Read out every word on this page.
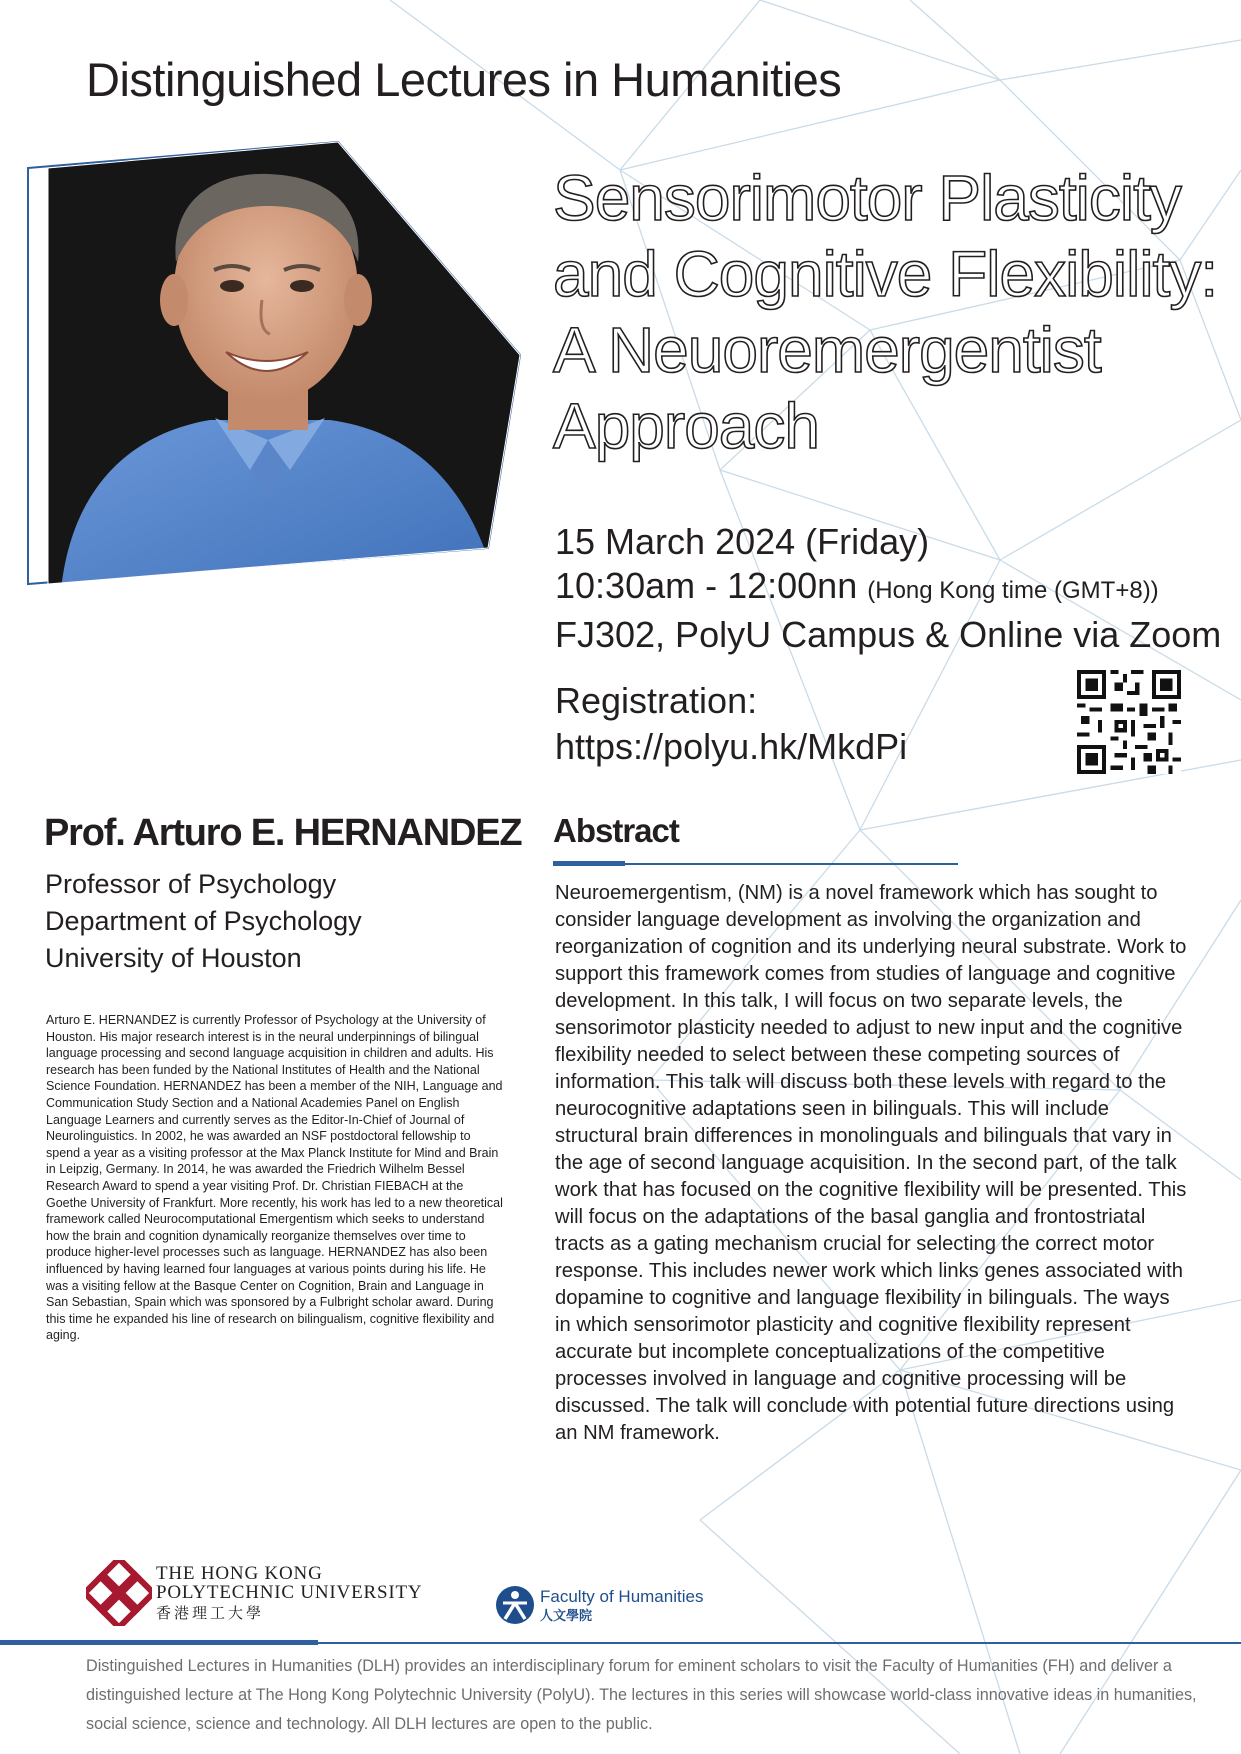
Distinguished Lectures in Humanities
Sensorimotor Plasticity
and Cognitive Flexibility:
A Neuoremergentist
Approach
15 March 2024 (Friday)
10:30am - 12:00nn (Hong Kong time (GMT+8))
FJ302, PolyU Campus & Online via Zoom
Registration:
https://polyu.hk/MkdPi
Prof. Arturo E. HERNANDEZ
Professor of Psychology
Department of Psychology
University of Houston
Arturo E. HERNANDEZ is currently Professor of Psychology at the University of Houston. His major research interest is in the neural underpinnings of bilingual language processing and second language acquisition in children and adults. His research has been funded by the National Institutes of Health and the National Science Foundation. HERNANDEZ has been a member of the NIH, Language and Communication Study Section and a National Academies Panel on English Language Learners and currently serves as the Editor-In-Chief of Journal of Neurolinguistics. In 2002, he was awarded an NSF postdoctoral fellowship to spend a year as a visiting professor at the Max Planck Institute for Mind and Brain in Leipzig, Germany. In 2014, he was awarded the Friedrich Wilhelm Bessel Research Award to spend a year visiting Prof. Dr. Christian FIEBACH at the Goethe University of Frankfurt. More recently, his work has led to a new theoretical framework called Neurocomputational Emergentism which seeks to understand how the brain and cognition dynamically reorganize themselves over time to produce higher-level processes such as language. HERNANDEZ has also been influenced by having learned four languages at various points during his life. He was a visiting fellow at the Basque Center on Cognition, Brain and Language in San Sebastian, Spain which was sponsored by a Fulbright scholar award. During this time he expanded his line of research on bilingualism, cognitive flexibility and aging.
Abstract
Neuroemergentism, (NM) is a novel framework which has sought to consider language development as involving the organization and reorganization of cognition and its underlying neural substrate. Work to support this framework comes from studies of language and cognitive development. In this talk, I will focus on two separate levels, the sensorimotor plasticity needed to adjust to new input and the cognitive flexibility needed to select between these competing sources of information. This talk will discuss both these levels with regard to the neurocognitive adaptations seen in bilinguals. This will include structural brain differences in monolinguals and bilinguals that vary in the age of second language acquisition. In the second part, of the talk work that has focused on the cognitive flexibility will be presented. This will focus on the adaptations of the basal ganglia and frontostriatal tracts as a gating mechanism crucial for selecting the correct motor response. This includes newer work which links genes associated with dopamine to cognitive and language flexibility in bilinguals. The ways in which sensorimotor plasticity and cognitive flexibility represent accurate but incomplete conceptualizations of the competitive processes involved in language and cognitive processing will be discussed. The talk will conclude with potential future directions using an NM framework.
THE HONG KONG
POLYTECHNIC UNIVERSITY
香港理工大學
Faculty of Humanities
人文學院
Distinguished Lectures in Humanities (DLH) provides an interdisciplinary forum for eminent scholars to visit the Faculty of Humanities (FH) and deliver a distinguished lecture at The Hong Kong Polytechnic University (PolyU). The lectures in this series will showcase world-class innovative ideas in humanities, social science, science and technology. All DLH lectures are open to the public.
